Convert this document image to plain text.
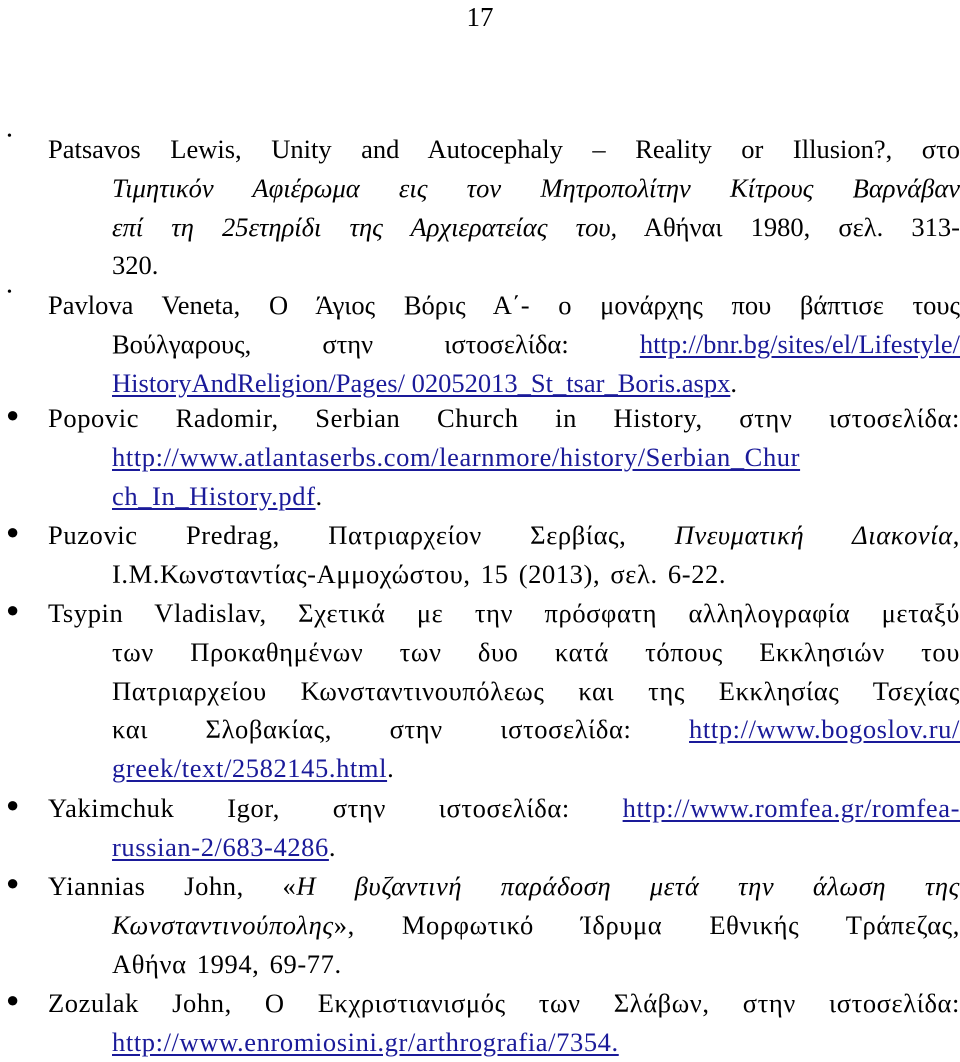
17
• Patsavos Lewis, Unity and Autocephaly – Reality or Illusion?, στο
Τιμητικόν Αφιέρωμα εις τον Μητροπολίτην Κίτρους Βαρνάβαν
επί τη 25ετηρίδι της Αρχιερατείας του, Αθήναι 1980, σελ. 313-
320.
• Pavlova Veneta, Ο Άγιος Βόρις Α΄- ο μονάρχης που βάπτισε τους
Βούλγαρους, στην ιστοσελίδα: http://bnr.bg/sites/el/Lifestyle/
HistoryAndReligion/Pages/ 02052013_St_tsar_Boris.aspx.
● Popovic Radomir, Serbian Church in History, στην ιστοσελίδα:
http://www.atlantaserbs.com/learnmore/history/Serbian_Chur
ch_In_History.pdf.
● Puzovic Predrag, Πατριαρχείον Σερβίας, Πνευματική Διακονία,
Ι.Μ.Κωνσταντίας-Αμμοχώστου, 15 (2013), σελ. 6-22.
● Tsypin Vladislav, Σχετικά με την πρόσφατη αλληλογραφία μεταξύ
των Προκαθημένων των δυο κατά τόπους Εκκλησιών του
Πατριαρχείου Κωνσταντινουπόλεως και της Εκκλησίας Τσεχίας
και Σλοβακίας, στην ιστοσελίδα: http://www.bogoslov.ru/
greek/text/2582145.html.
● Yakimchuk Igor, στην ιστοσελίδα: http://www.romfea.gr/romfea-
russian-2/683-4286.
● Yiannias John, «Η βυζαντινή παράδοση μετά την άλωση της
Κωνσταντινούπολης», Μορφωτικό Ίδρυμα Εθνικής Τράπεζας,
Αθήνα 1994, 69-77.
● Zozulak John, Ο Εκχριστιανισμός των Σλάβων, στην ιστοσελίδα:
http://www.enromiosini.gr/arthrografia/7354.
